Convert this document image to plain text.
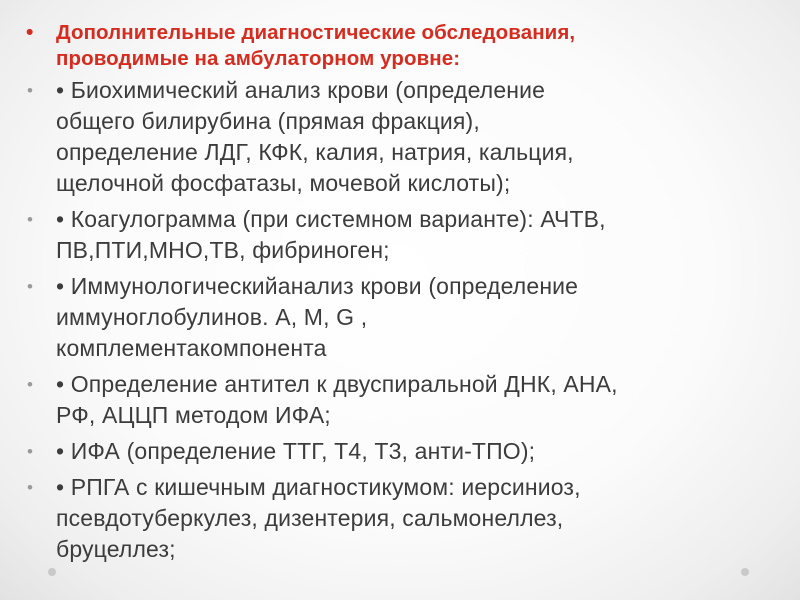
•	Дополнительные диагностические обследования,
проводимые на амбулаторном уровне:
•	• Биохимический анализ крови (определение
общего билирубина (прямая фракция),
определение ЛДГ, КФК, калия, натрия, кальция,
щелочной фосфатазы, мочевой кислоты);
•	• Коагулограмма (при системном варианте): АЧТВ,
ПВ,ПТИ,МНО,ТВ, фибриноген;
•	• Иммунологическийанализ крови (определение
иммуноглобулинов. А, М, G ,
комплементакомпонента
•	• Определение антител к двуспиральной ДНК, АНА,
РФ, АЦЦП методом ИФА;
•	• ИФА (определение ТТГ, Т4, Т3, анти-ТПО);
•	• РПГА с кишечным диагностикумом: иерсиниоз,
псевдотуберкулез, дизентерия, сальмонеллез,
бруцеллез;
